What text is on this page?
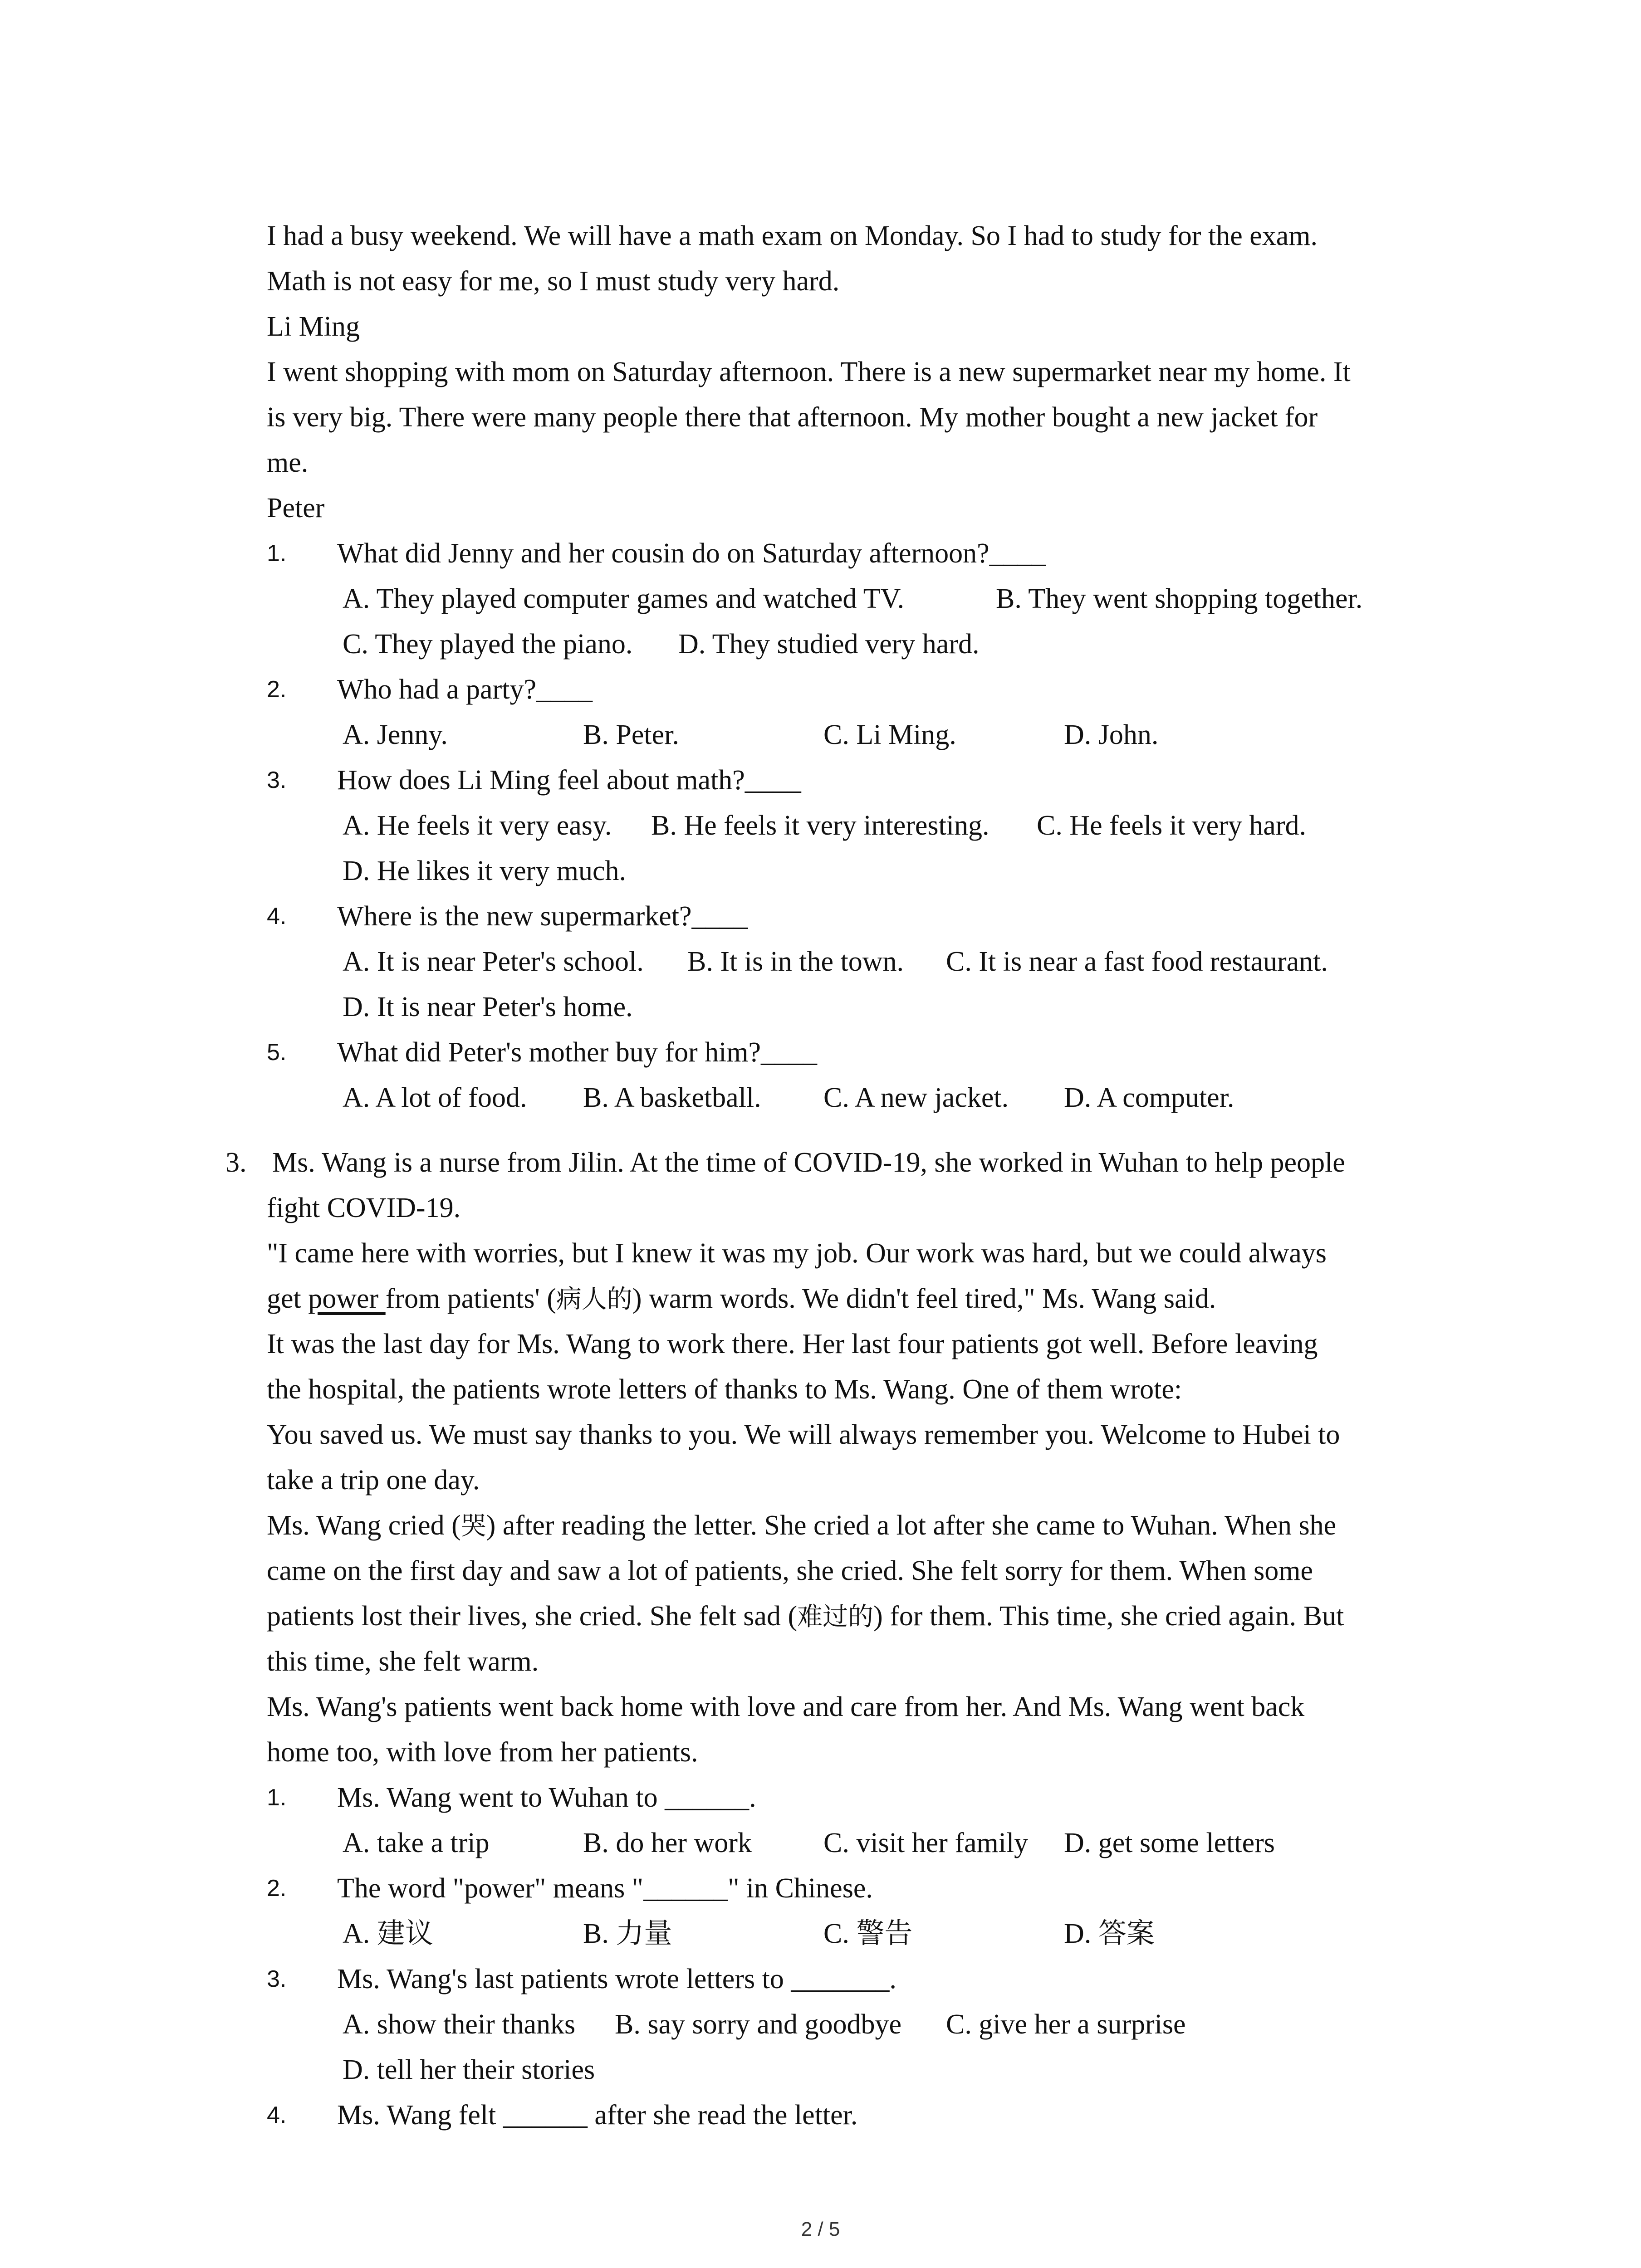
I had a busy weekend. We will have a math exam on Monday. So I had to study for the exam.
Math is not easy for me, so I must study very hard.
Li Ming
I went shopping with mom on Saturday afternoon. There is a new supermarket near my home. It
is very big. There were many people there that afternoon. My mother bought a new jacket for
me.
Peter
1. What did Jenny and her cousin do on Saturday afternoon?____
A. They played computer games and watched TV.	B. They went shopping together.
C. They played the piano. D. They studied very hard.
2. Who had a party?____
A. Jenny.	B. Peter.	C. Li Ming.	D. John.
3. How does Li Ming feel about math?____
A. He feels it very easy. B. He feels it very interesting. C. He feels it very hard.
D. He likes it very much.
4. Where is the new supermarket?____
A. It is near Peter's school. B. It is in the town. C. It is near a fast food restaurant.
D. It is near Peter's home.
5. What did Peter's mother buy for him?____
A. A lot of food. B. A basketball. C. A new jacket. D. A computer.
3. Ms. Wang is a nurse from Jilin. At the time of COVID-19, she worked in Wuhan to help people
fight COVID-19.
"I came here with worries, but I knew it was my job. Our work was hard, but we could always
get power from patients' (病人的) warm words. We didn't feel tired," Ms. Wang said.
It was the last day for Ms. Wang to work there. Her last four patients got well. Before leaving
the hospital, the patients wrote letters of thanks to Ms. Wang. One of them wrote:
You saved us. We must say thanks to you. We will always remember you. Welcome to Hubei to
take a trip one day.
Ms. Wang cried (哭) after reading the letter. She cried a lot after she came to Wuhan. When she
came on the first day and saw a lot of patients, she cried. She felt sorry for them. When some
patients lost their lives, she cried. She felt sad (难过的) for them. This time, she cried again. But
this time, she felt warm.
Ms. Wang's patients went back home with love and care from her. And Ms. Wang went back
home too, with love from her patients.
1. Ms. Wang went to Wuhan to ______.
A. take a trip	B. do her work	C. visit her family D. get some letters
2. The word "power" means "______" in Chinese.
A. 建议	B. 力量	C. 警告	D. 答案
3. Ms. Wang's last patients wrote letters to _______.
A. show their thanks B. say sorry and goodbye C. give her a surprise
D. tell her their stories
4. Ms. Wang felt ______ after she read the letter.
2 / 5
